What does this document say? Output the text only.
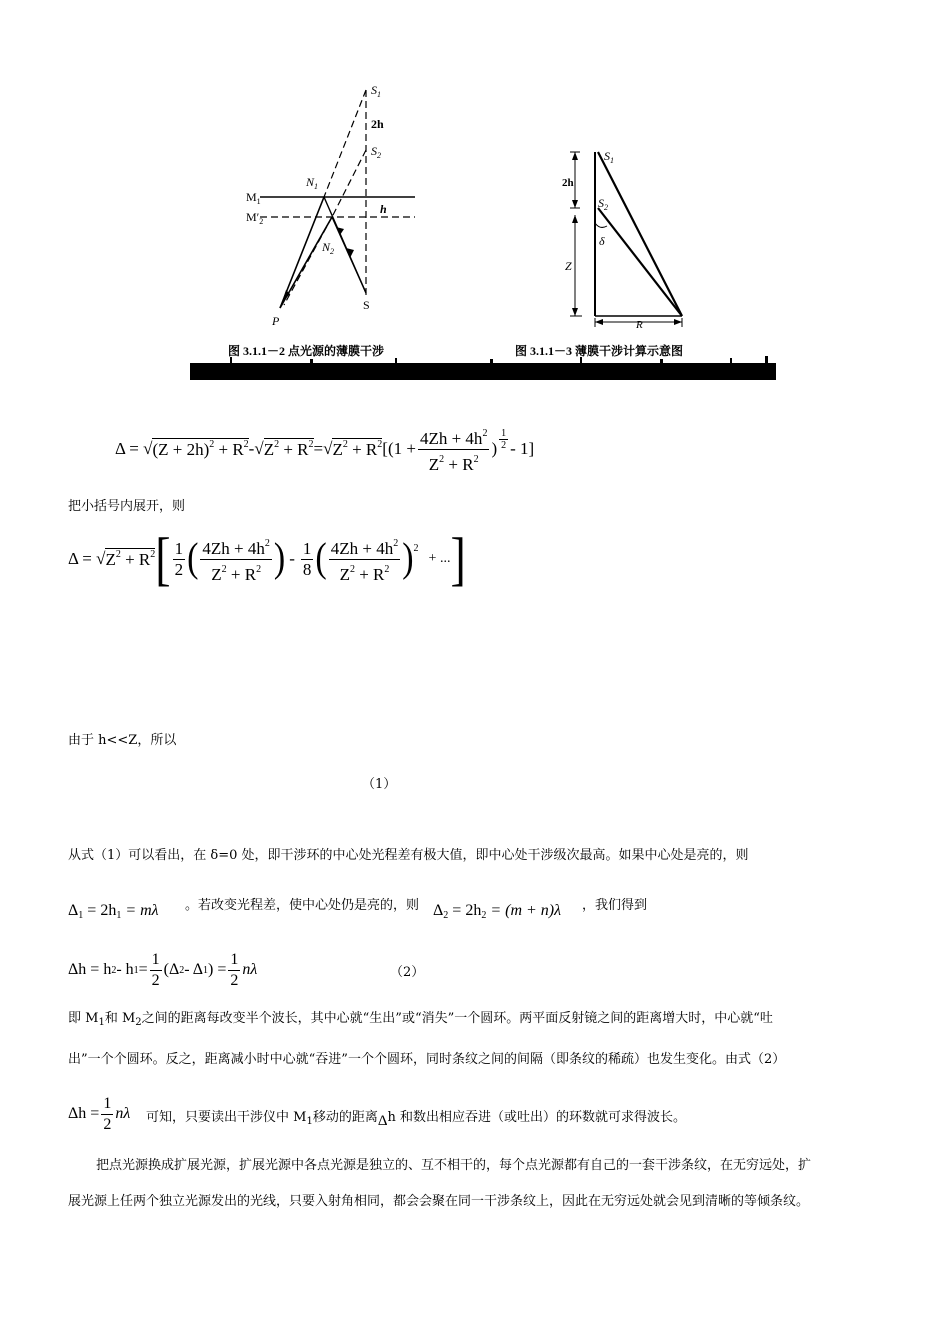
$S_1$
2h
$S_2$
$N_1$
$M_1$
$M'_2$
h
$N_2$
S
P
图 3.1.1－2 点光源的薄膜干涉
$S_1$
2h
$S_2$
δ
Z
R
图 3.1.1－3 薄膜干涉计算示意图
Δ = √ $(Z + 2h)^2 + R^2$ - √ $Z^2 + R^2$ = √ $Z^2 + R^2$ [($1 + \frac{4Zh + 4h^2}{Z^2 + R^2}$ ) $\frac{1}{2} - 1$]
把小括号内展开，则
Δ = √ $Z^2 + R^2$ [ $\frac{1}{2}$ ( $\frac{4Zh + 4h^2}{Z^2 + R^2}$ ) - $\frac{1}{8}$ ( $\frac{4Zh + 4h^2}{Z^2 + R^2}$ ) 2
+ ... ]
由于 h<<Z，所以
（1）
从式（1）可以看出，在 δ=0 处，即干涉环的中心处光程差有极大值，即中心处干涉级次最高。如果中心处是亮的，则
$\Delta_1 = 2h_1 = m\lambda$ 。若改变光程差，使中心处仍是亮的，则 $\Delta_2 = 2h_2 = (m + n)\lambda$ ，我们得到
Δh = h 2 - h $1 = \frac{1}{2} (\Delta$ 2 - Δ 1 ) = $\frac{1}{2}$ nλ	（2）
即 $M_1$和 $M_2$之间的距离每改变半个波长，其中心就“生出”或“消失”一个圆环。两平面反射镜之间的距离增大时，中心就“吐
出”一个个圆环。反之，距离减小时中心就“吞进”一个个圆环，同时条纹之间的间隔（即条纹的稀疏）也发生变化。由式（2）
$\Delta h = \frac{1}{2}$ nλ 可知，只要读出干涉仪中 $M_1$移动的距离Δh 和数出相应吞进（或吐出）的环数就可求得波长。
把点光源换成扩展光源，扩展光源中各点光源是独立的、互不相干的，每个点光源都有自己的一套干涉条纹，在无穷远处，扩
展光源上任两个独立光源发出的光线，只要入射角相同，都会会聚在同一干涉条纹上，因此在无穷远处就会见到清晰的等倾条纹。
